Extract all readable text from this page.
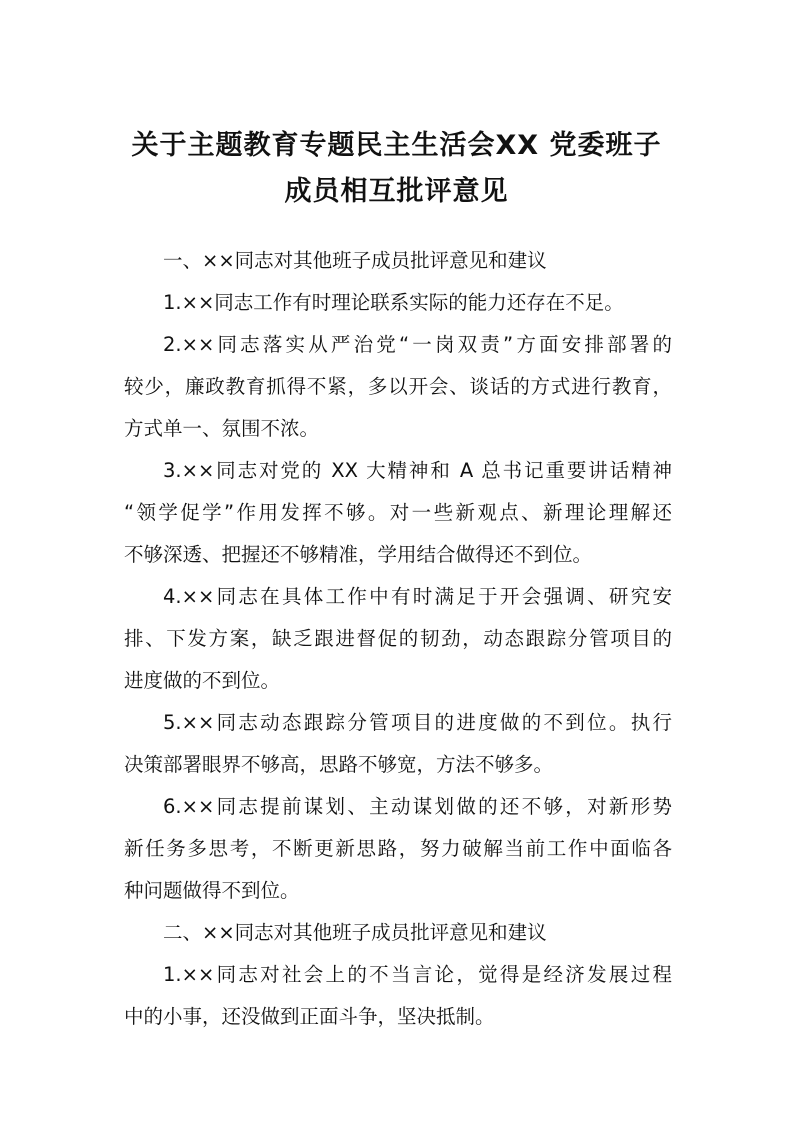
关于主题教育专题民主生活会XX 党委班子
成员相互批评意见
一、××同志对其他班子成员批评意见和建议
1.××同志工作有时理论联系实际的能力还存在不足。
2.××同志落实从严治党“一岗双责”方面安排部署的
较少，廉政教育抓得不紧，多以开会、谈话的方式进行教育，
方式单一、氛围不浓。
3.××同志对党的 XX 大精神和 A 总书记重要讲话精神
“领学促学”作用发挥不够。对一些新观点、新理论理解还
不够深透、把握还不够精准，学用结合做得还不到位。
4.××同志在具体工作中有时满足于开会强调、研究安
排、下发方案，缺乏跟进督促的韧劲，动态跟踪分管项目的
进度做的不到位。
5.××同志动态跟踪分管项目的进度做的不到位。执行
决策部署眼界不够高，思路不够宽，方法不够多。
6.××同志提前谋划、主动谋划做的还不够，对新形势
新任务多思考，不断更新思路，努力破解当前工作中面临各
种问题做得不到位。
二、××同志对其他班子成员批评意见和建议
1.××同志对社会上的不当言论，觉得是经济发展过程
中的小事，还没做到正面斗争，坚决抵制。
